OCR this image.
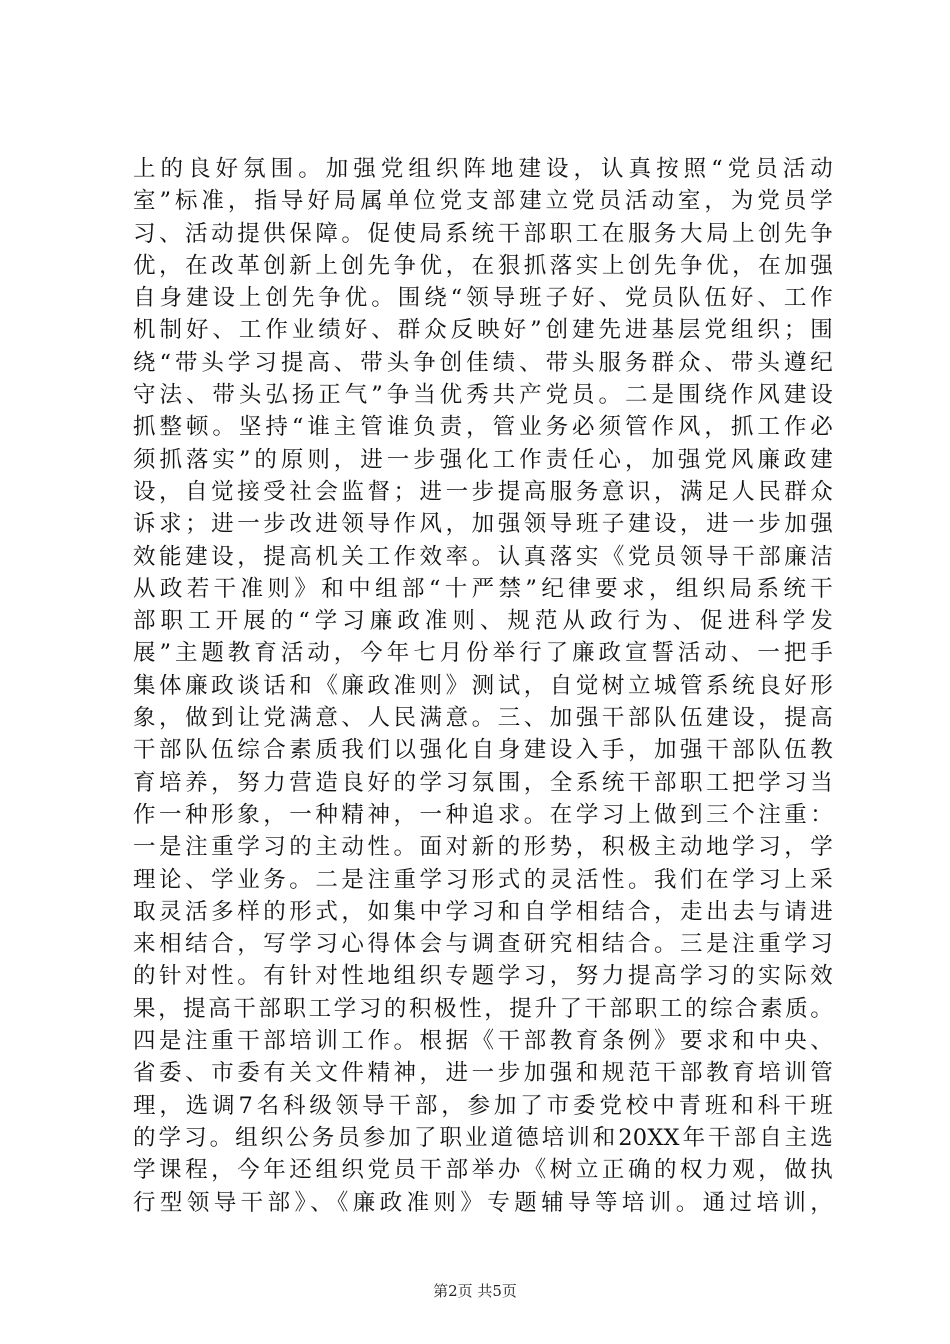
上的良好氛围。加强党组织阵地建设，认真按照“党员活动
室”标准，指导好局属单位党支部建立党员活动室，为党员学
习、活动提供保障。促使局系统干部职工在服务大局上创先争
优，在改革创新上创先争优，在狠抓落实上创先争优，在加强
自身建设上创先争优。围绕“领导班子好、党员队伍好、工作
机制好、工作业绩好、群众反映好”创建先进基层党组织；围
绕“带头学习提高、带头争创佳绩、带头服务群众、带头遵纪
守法、带头弘扬正气”争当优秀共产党员。二是围绕作风建设
抓整顿。坚持“谁主管谁负责，管业务必须管作风，抓工作必
须抓落实”的原则，进一步强化工作责任心，加强党风廉政建
设，自觉接受社会监督；进一步提高服务意识，满足人民群众
诉求；进一步改进领导作风，加强领导班子建设，进一步加强
效能建设，提高机关工作效率。认真落实《党员领导干部廉洁
从政若干准则》和中组部“十严禁”纪律要求，组织局系统干
部职工开展的“学习廉政准则、规范从政行为、促进科学发
展”主题教育活动，今年七月份举行了廉政宣誓活动、一把手
集体廉政谈话和《廉政准则》测试，自觉树立城管系统良好形
象，做到让党满意、人民满意。三、加强干部队伍建设，提高
干部队伍综合素质我们以强化自身建设入手，加强干部队伍教
育培养，努力营造良好的学习氛围，全系统干部职工把学习当
作一种形象，一种精神，一种追求。在学习上做到三个注重：
一是注重学习的主动性。面对新的形势，积极主动地学习，学
理论、学业务。二是注重学习形式的灵活性。我们在学习上采
取灵活多样的形式，如集中学习和自学相结合，走出去与请进
来相结合，写学习心得体会与调查研究相结合。三是注重学习
的针对性。有针对性地组织专题学习，努力提高学习的实际效
果，提高干部职工学习的积极性，提升了干部职工的综合素质。
四是注重干部培训工作。根据《干部教育条例》要求和中央、
省委、市委有关文件精神，进一步加强和规范干部教育培训管
理，选调7名科级领导干部，参加了市委党校中青班和科干班
的学习。组织公务员参加了职业道德培训和20XX年干部自主选
学课程，今年还组织党员干部举办《树立正确的权力观，做执
行型领导干部》、《廉政准则》专题辅导等培训。通过培训，
第2页 共5页
